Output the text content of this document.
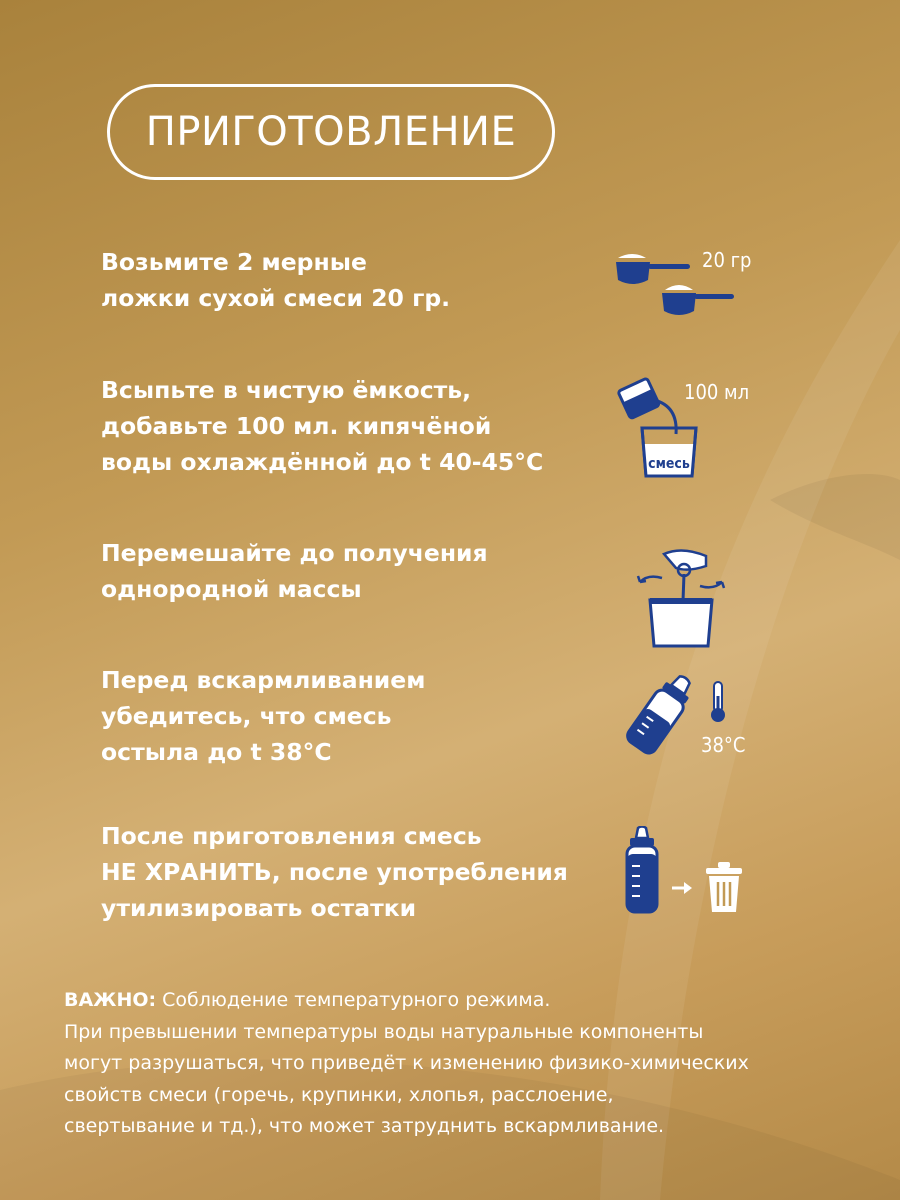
ПРИГОТОВЛЕНИЕ
Возьмите 2 мерные
ложки сухой смеси 20 гр.
20 гр
Всыпьте в чистую ёмкость,
добавьте 100 мл. кипячёной
воды охлаждённой до t 40-45°С	смесь
100 мл
Перемешайте до получения
однородной массы
Перед вскармливанием
убедитесь, что смесь
остыла до t 38°С	38°С
После приготовления смесь
НЕ ХРАНИТЬ, после употребления
утилизировать остатки
ВАЖНО: Соблюдение температурного режима.
При превышении температуры воды натуральные компоненты
могут разрушаться, что приведёт к изменению физико-химических
свойств смеси (горечь, крупинки, хлопья, расслоение,
свертывание и тд.), что может затруднить вскармливание.
